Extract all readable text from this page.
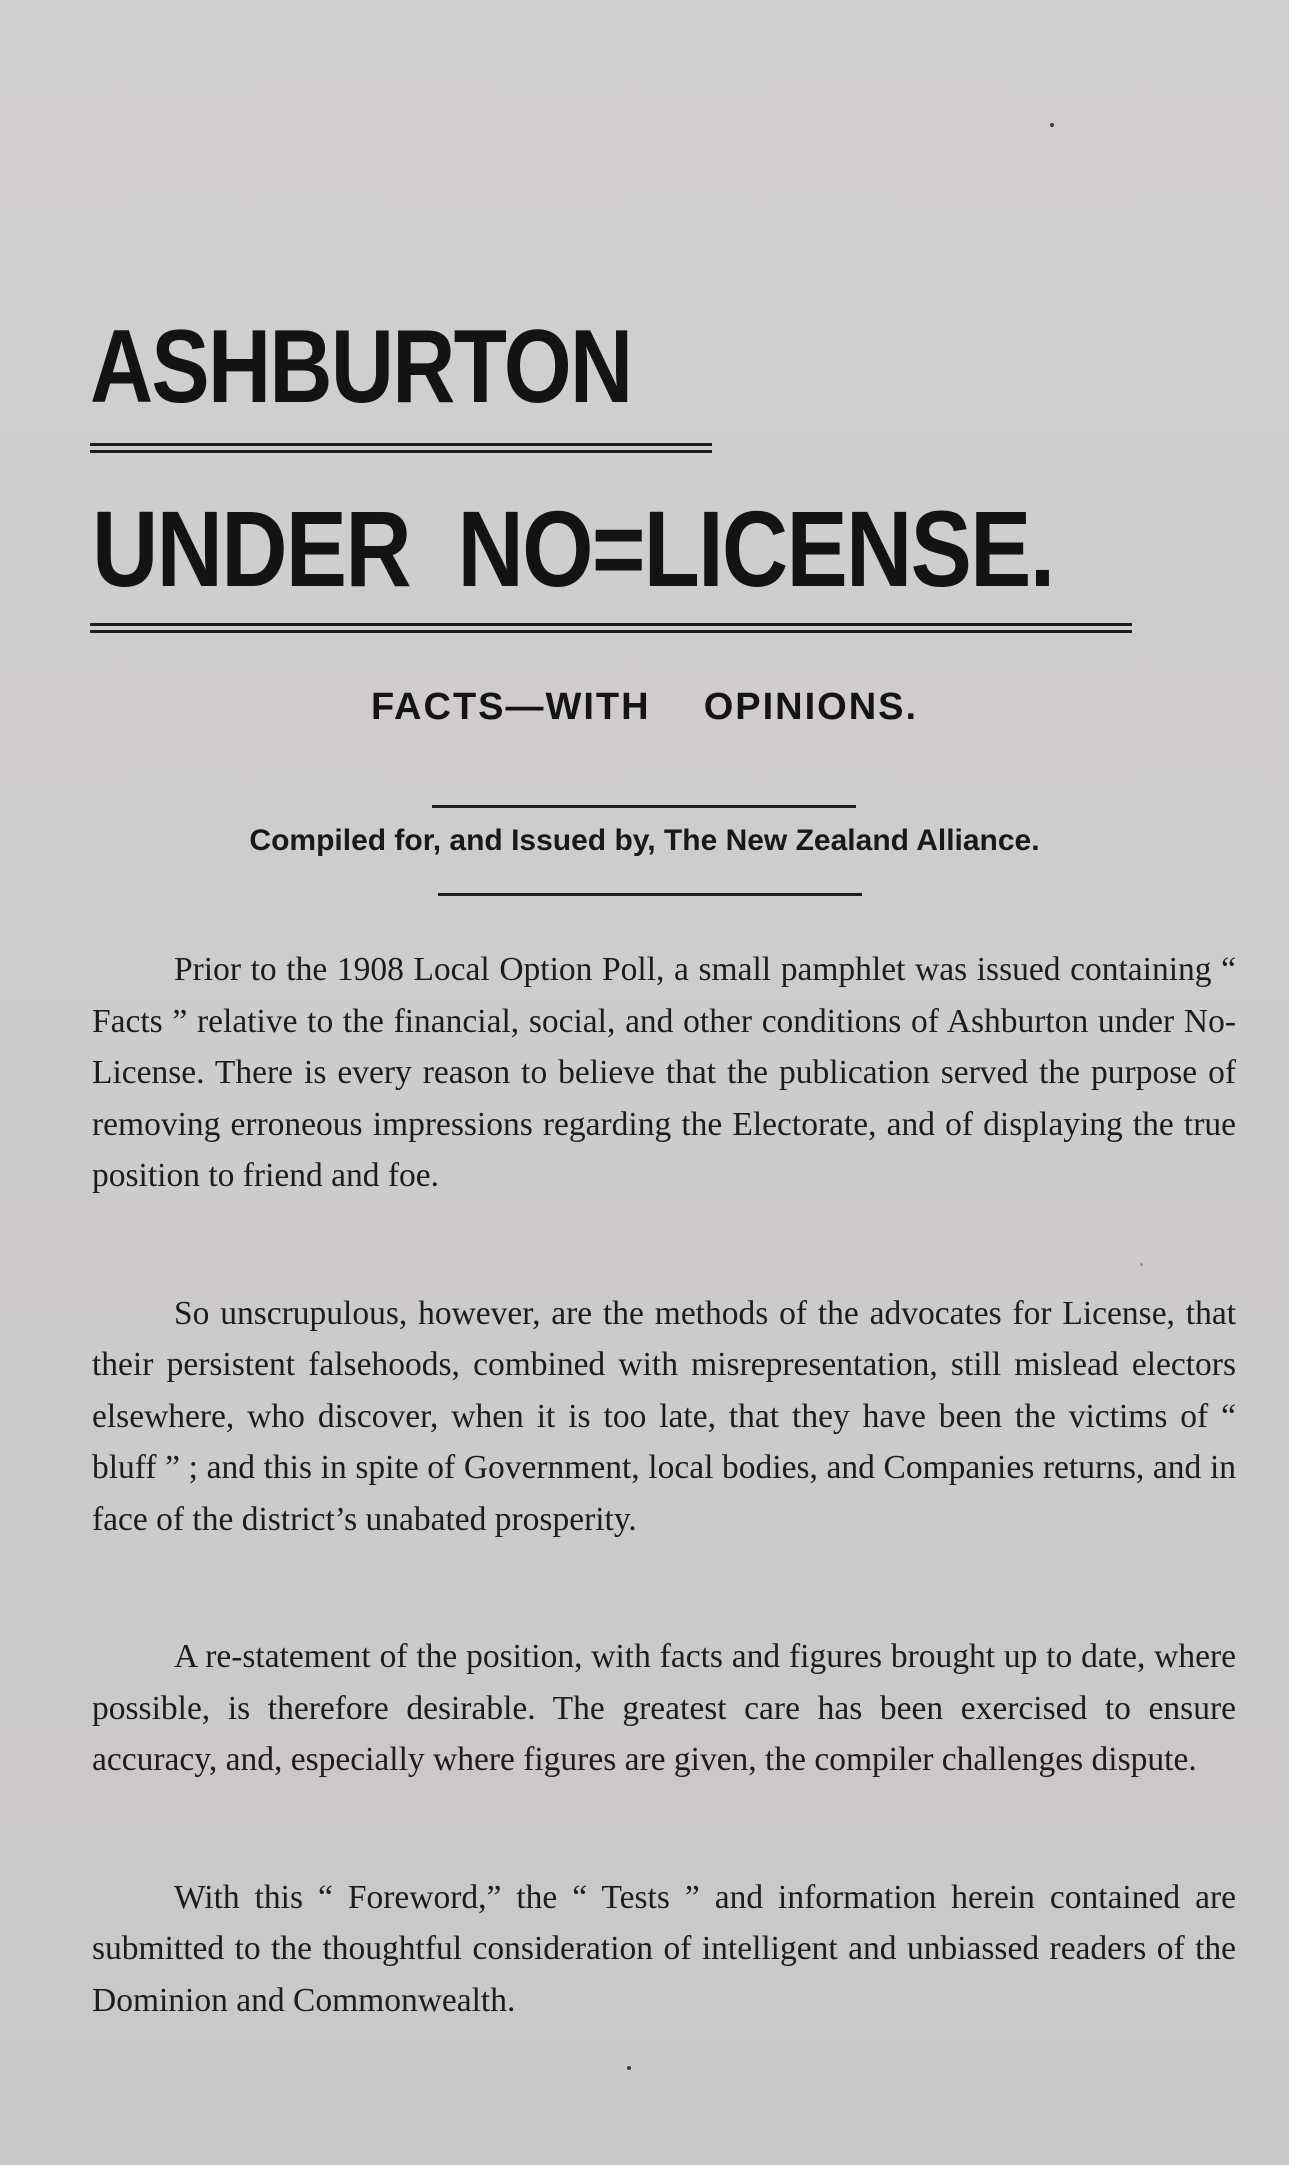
ASHBURTON
UNDER  NO=LICENSE.
FACTS—WITH  OPINIONS.

Compiled for, and Issued by, The New Zealand Alliance.

Prior to the 1908 Local Option Poll, a small pamphlet was issued containing “ Facts ” relative to the financial, social, and other conditions of Ashburton under No-License. There is every reason to believe that the publication served the purpose of removing erroneous impressions regarding the Electorate, and of displaying the true position to friend and foe.

So unscrupulous, however, are the methods of the advocates for License, that their persistent falsehoods, combined with misrepresentation, still mislead electors elsewhere, who discover, when it is too late, that they have been the victims of “ bluff ” ; and this in spite of Government, local bodies, and Companies returns, and in face of the district’s unabated prosperity.

A re-statement of the position, with facts and figures brought up to date, where possible, is therefore desirable. The greatest care has been exercised to ensure accuracy, and, especially where figures are given, the compiler challenges dispute.

With this “ Foreword,” the “ Tests ” and information herein contained are submitted to the thoughtful consideration of intelligent and unbiassed readers of the Dominion and Commonwealth.
